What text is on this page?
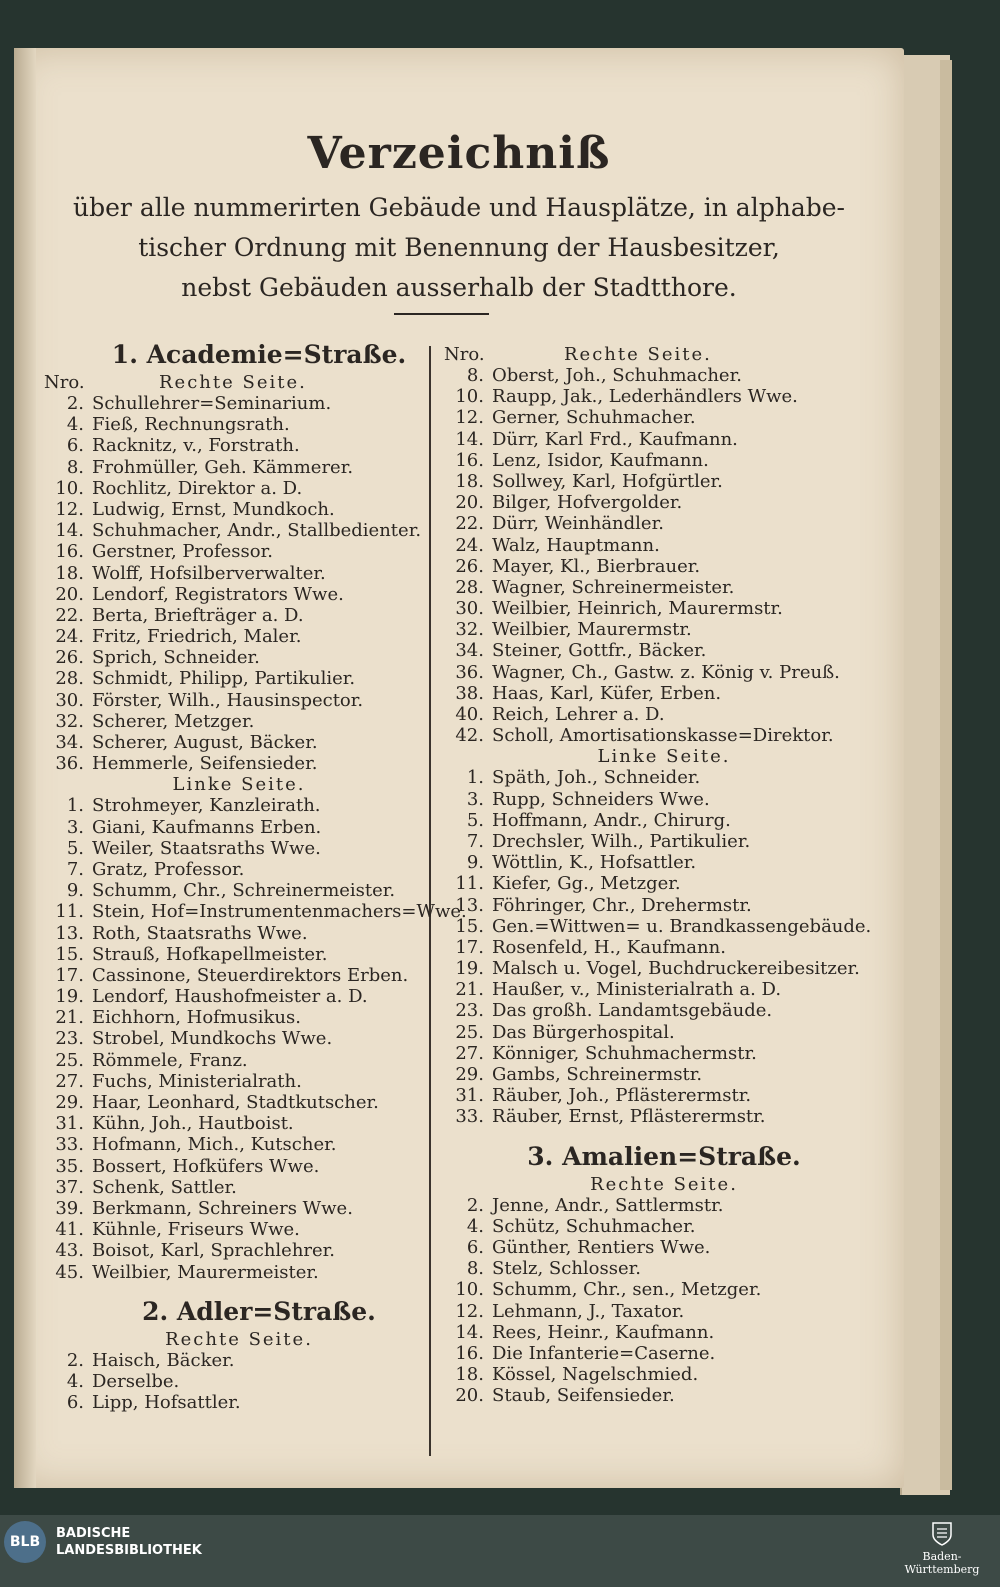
Verzeichniß
über alle nummerirten Gebäude und Hausplätze, in alphabe-
tischer Ordnung mit Benennung der Hausbesitzer,
nebst Gebäuden ausserhalb der Stadtthore.
1. Academie=Straße.
Nro.	Rechte Seite.
2. Schullehrer=Seminarium.
4. Fieß, Rechnungsrath.
6. Racknitz, v., Forstrath.
8. Frohmüller, Geh. Kämmerer.
10. Rochlitz, Direktor a. D.
12. Ludwig, Ernst, Mundkoch.
14. Schuhmacher, Andr., Stallbedienter.
16. Gerstner, Professor.
18. Wolff, Hofsilberverwalter.
20. Lendorf, Registrators Wwe.
22. Berta, Briefträger a. D.
24. Fritz, Friedrich, Maler.
26. Sprich, Schneider.
28. Schmidt, Philipp, Partikulier.
30. Förster, Wilh., Hausinspector.
32. Scherer, Metzger.
34. Scherer, August, Bäcker.
36. Hemmerle, Seifensieder.
Linke Seite.
1. Strohmeyer, Kanzleirath.
3. Giani, Kaufmanns Erben.
5. Weiler, Staatsraths Wwe.
7. Gratz, Professor.
9. Schumm, Chr., Schreinermeister.
11. Stein, Hof=Instrumentenmachers=Wwe.
13. Roth, Staatsraths Wwe.
15. Strauß, Hofkapellmeister.
17. Cassinone, Steuerdirektors Erben.
19. Lendorf, Haushofmeister a. D.
21. Eichhorn, Hofmusikus.
23. Strobel, Mundkochs Wwe.
25. Römmele, Franz.
27. Fuchs, Ministerialrath.
29. Haar, Leonhard, Stadtkutscher.
31. Kühn, Joh., Hautboist.
33. Hofmann, Mich., Kutscher.
35. Bossert, Hofküfers Wwe.
37. Schenk, Sattler.
39. Berkmann, Schreiners Wwe.
41. Kühnle, Friseurs Wwe.
43. Boisot, Karl, Sprachlehrer.
45. Weilbier, Maurermeister.
2. Adler=Straße.
Rechte Seite.
2. Haisch, Bäcker.
4. Derselbe.
6. Lipp, Hofsattler.
Nro.	Rechte Seite.
8. Oberst, Joh., Schuhmacher.
10. Raupp, Jak., Lederhändlers Wwe.
12. Gerner, Schuhmacher.
14. Dürr, Karl Frd., Kaufmann.
16. Lenz, Isidor, Kaufmann.
18. Sollwey, Karl, Hofgürtler.
20. Bilger, Hofvergolder.
22. Dürr, Weinhändler.
24. Walz, Hauptmann.
26. Mayer, Kl., Bierbrauer.
28. Wagner, Schreinermeister.
30. Weilbier, Heinrich, Maurermstr.
32. Weilbier, Maurermstr.
34. Steiner, Gottfr., Bäcker.
36. Wagner, Ch., Gastw. z. König v. Preuß.
38. Haas, Karl, Küfer, Erben.
40. Reich, Lehrer a. D.
42. Scholl, Amortisationskasse=Direktor.
Linke Seite.
1. Späth, Joh., Schneider.
3. Rupp, Schneiders Wwe.
5. Hoffmann, Andr., Chirurg.
7. Drechsler, Wilh., Partikulier.
9. Wöttlin, K., Hofsattler.
11. Kiefer, Gg., Metzger.
13. Föhringer, Chr., Drehermstr.
15. Gen.=Wittwen= u. Brandkassengebäude.
17. Rosenfeld, H., Kaufmann.
19. Malsch u. Vogel, Buchdruckereibesitzer.
21. Haußer, v., Ministerialrath a. D.
23. Das großh. Landamtsgebäude.
25. Das Bürgerhospital.
27. Könniger, Schuhmachermstr.
29. Gambs, Schreinermstr.
31. Räuber, Joh., Pflästerermstr.
33. Räuber, Ernst, Pflästerermstr.
3. Amalien=Straße.
Rechte Seite.
2. Jenne, Andr., Sattlermstr.
4. Schütz, Schuhmacher.
6. Günther, Rentiers Wwe.
8. Stelz, Schlosser.
10. Schumm, Chr., sen., Metzger.
12. Lehmann, J., Taxator.
14. Rees, Heinr., Kaufmann.
16. Die Infanterie=Caserne.
18. Kössel, Nagelschmied.
20. Staub, Seifensieder.
BLB
BADISCHE
LANDESBIBLIOTHEK	Baden-Württemberg
